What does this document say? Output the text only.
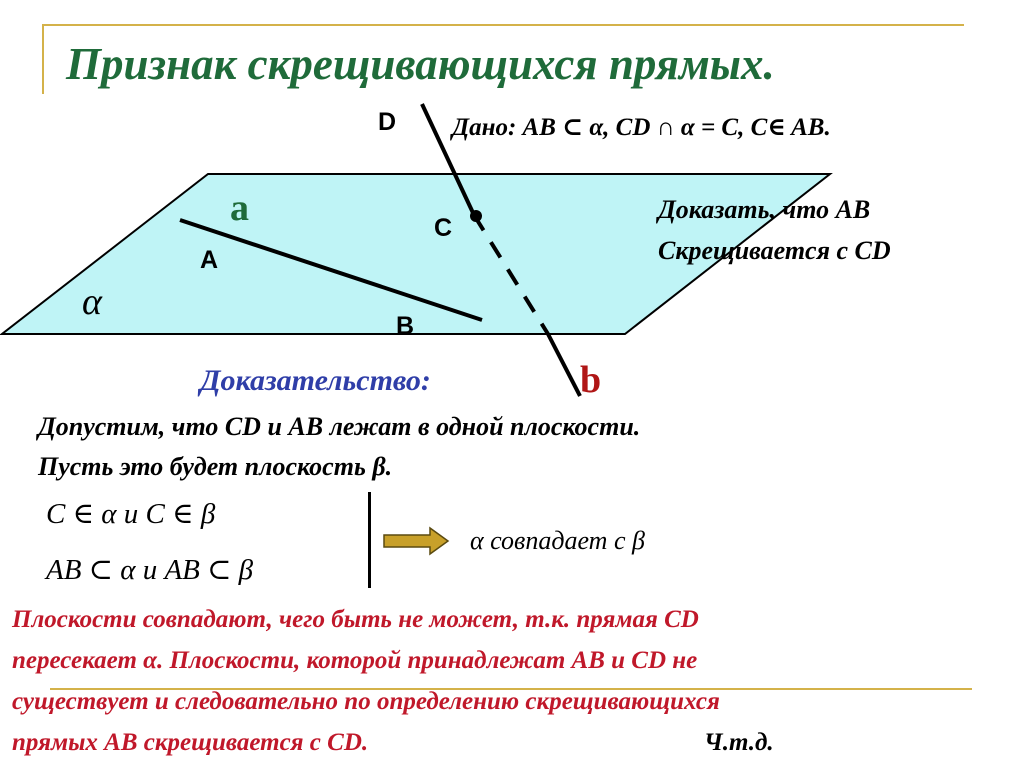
Признак скрещивающихся прямых.
D
C
A
B
α
a
b
Дано: АВ ⊂ α, CD ∩ α = C, C∈ AB.
Доказать, что АВ
Скрещивается с CD
Доказательство:
Допустим, что CD и AB лежат в одной плоскости.
Пусть это будет плоскость β.
C ∈ α и C ∈ β
AB ⊂ α и AB ⊂ β
α совпадает с β
Плоскости совпадают, чего быть не может, т.к. прямая CD
пересекает α. Плоскости, которой принадлежат АВ и CD не
существует и следовательно по определению скрещивающихся
прямых АВ скрещивается с CD.	Ч.т.д.
